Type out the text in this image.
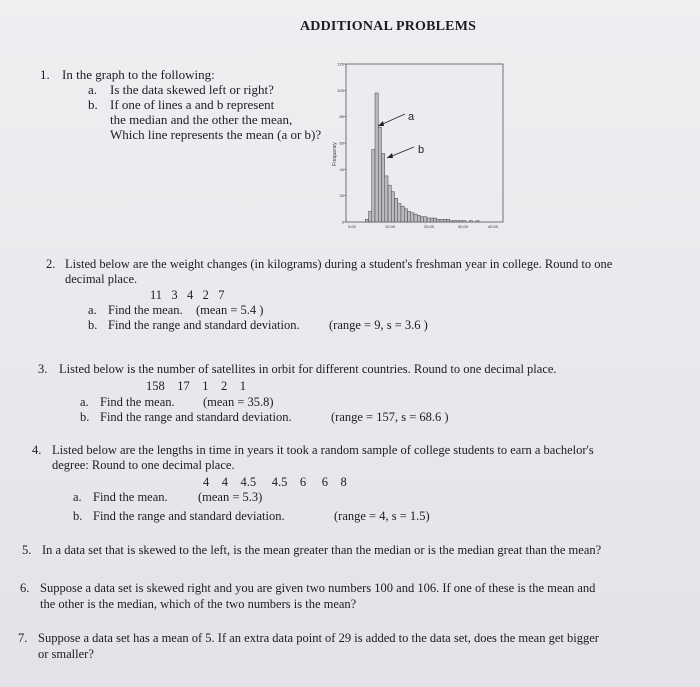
ADDITIONAL PROBLEMS
1. In the graph to the following:
a. Is the data skewed left or right?
b. If one of lines a and b represent
the median and the other the mean,
Which line represents the mean (a or b)?
120
100
80
60
40
20
0
0.00	10.00	20.00	30.00	40.00
Frequency
a
b
2. Listed below are the weight changes (in kilograms) during a student's freshman year in college. Round to one
decimal place.
11 3 4 2 7
a. Find the mean. (mean = 5.4 )
b. Find the range and standard deviation. (range = 9, s = 3.6 )
3. Listed below is the number of satellites in orbit for different countries. Round to one decimal place.
158 17 1 2 1
a. Find the mean. (mean = 35.8)
b. Find the range and standard deviation.	(range = 157, s = 68.6 )
4. Listed below are the lengths in time in years it took a random sample of college students to earn a bachelor's
degree: Round to one decimal place.
4 4 4.5 4.5 6 6 8
a. Find the mean. (mean = 5.3)
b. Find the range and standard deviation.	(range = 4, s = 1.5)
5. In a data set that is skewed to the left, is the mean greater than the median or is the median great than the mean?
6. Suppose a data set is skewed right and you are given two numbers 100 and 106. If one of these is the mean and
the other is the median, which of the two numbers is the mean?
7. Suppose a data set has a mean of 5. If an extra data point of 29 is added to the data set, does the mean get bigger
or smaller?
